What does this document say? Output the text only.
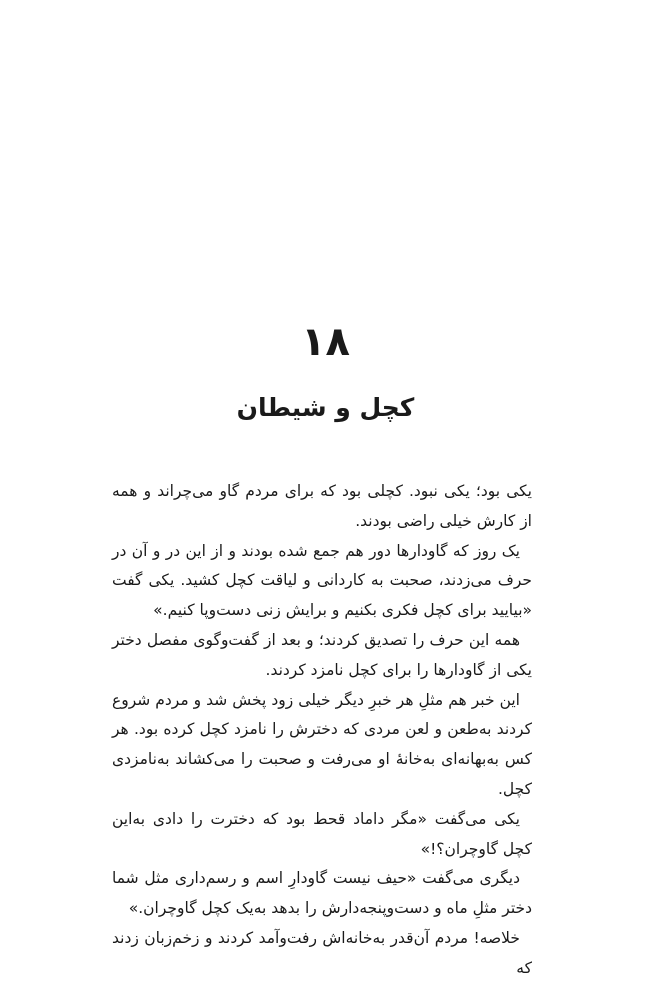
۱۸
کچل و شیطان

یکی بود؛ یکی نبود. کچلی بود که برای مردم گاو می‌چراند و همه از کارش خیلی راضی بودند.

یک روز که گاودارها دور هم جمع شده بودند و از این در و آن در حرف می‌زدند، صحبت به کاردانی و لیاقت کچل کشید. یکی گفت «بیایید برای کچل فکری بکنیم و برایش زنی دست‌وپا کنیم.»

همه این حرف را تصدیق کردند؛ و بعد از گفت‌وگوی مفصل دختر یکی از گاودارها را برای کچل نامزد کردند.

این خبر هم مثلِ هر خبرِ دیگر خیلی زود پخش شد و مردم شروع کردند به‌طعن و لعن مردی که دخترش را نامزد کچل کرده بود. هر کس به‌بهانه‌ای به‌خانهٔ او می‌رفت و صحبت را می‌کشاند به‌نامزدی کچل.

یکی می‌گفت «مگر داماد قحط بود که دخترت را دادی به‌این کچل گاوچران؟!»

دیگری می‌گفت «حیف نیست گاودارِ اسم و رسم‌داری مثل شما دختر مثلِ ماه و دست‌وپنجه‌دارش را بدهد به‌یک کچل گاوچران.»

خلاصه! مردم آن‌قدر به‌خانه‌اش رفت‌وآمد کردند و زخم‌زبان زدند که
